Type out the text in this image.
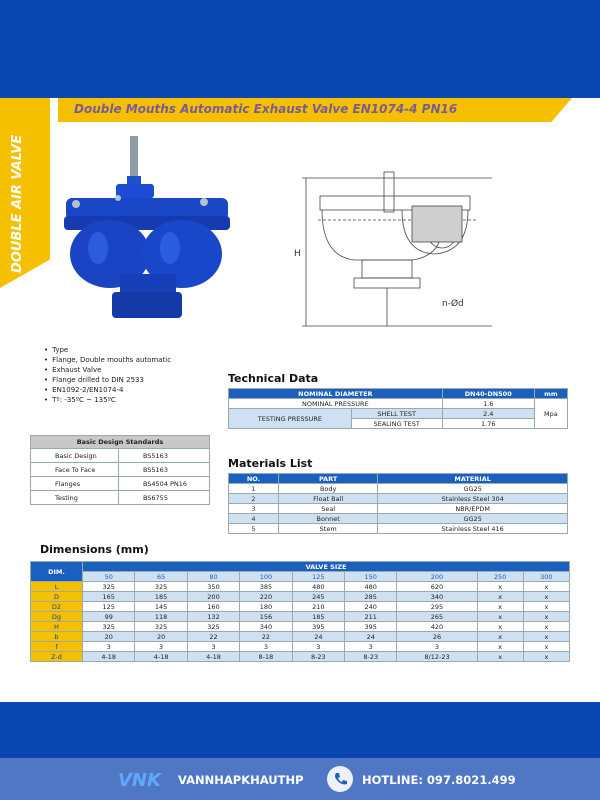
DOUBLE AIR VALVE
Double Mouths Automatic Exhaust Valve EN1074-4 PN16
H
n-Ød
• Type
• Flange, Double mouths automatic
• Exhaust Valve
• Flange drilled to DIN 2533
• EN1092-2/EN1074-4
• Tº: -35ºC ~ 135ºC
Basic Design Standards	
Basic Design	BS5163
Face To Face	BS5163
Flanges	BS4504 PN16
Testing	BS6755
Technical Data
NOMINAL DIAMETER		DN40-DN500	mm
NOMINAL PRESSURE		1.6	Mpa
TESTING PRESSURE	SHELL TEST	2.4	
	SEALING TEST	1.76	
Materials List
NO.	PART	MATERIAL
1	Body	GG25
2	Float Ball	Stainless Steel 304
3	Seal	NBR/EPDM
4	Bonnet	GG25
5	Stem	Stainless Steel 416
Dimensions (mm)
DIM.	VALVE SIZE								
	50	65	80	100	125	150	200	250	300
L	325	325	350	385	480	480	620	x	x
D	165	185	200	220	245	285	340	x	x
D2	125	145	160	180	210	240	295	x	x
Dg	99	118	132	156	185	211	265	x	x
H	325	325	325	340	395	395	420	x	x
b	20	20	22	22	24	24	26	x	x
f	3	3	3	3	3	3	3	x	x
Z-d	4-18	4-18	4-18	8-18	8-23	8-23	8/12-23	x	x
VNK VANNHAPKHAUTHP	HOTLINE: 097.8021.499
